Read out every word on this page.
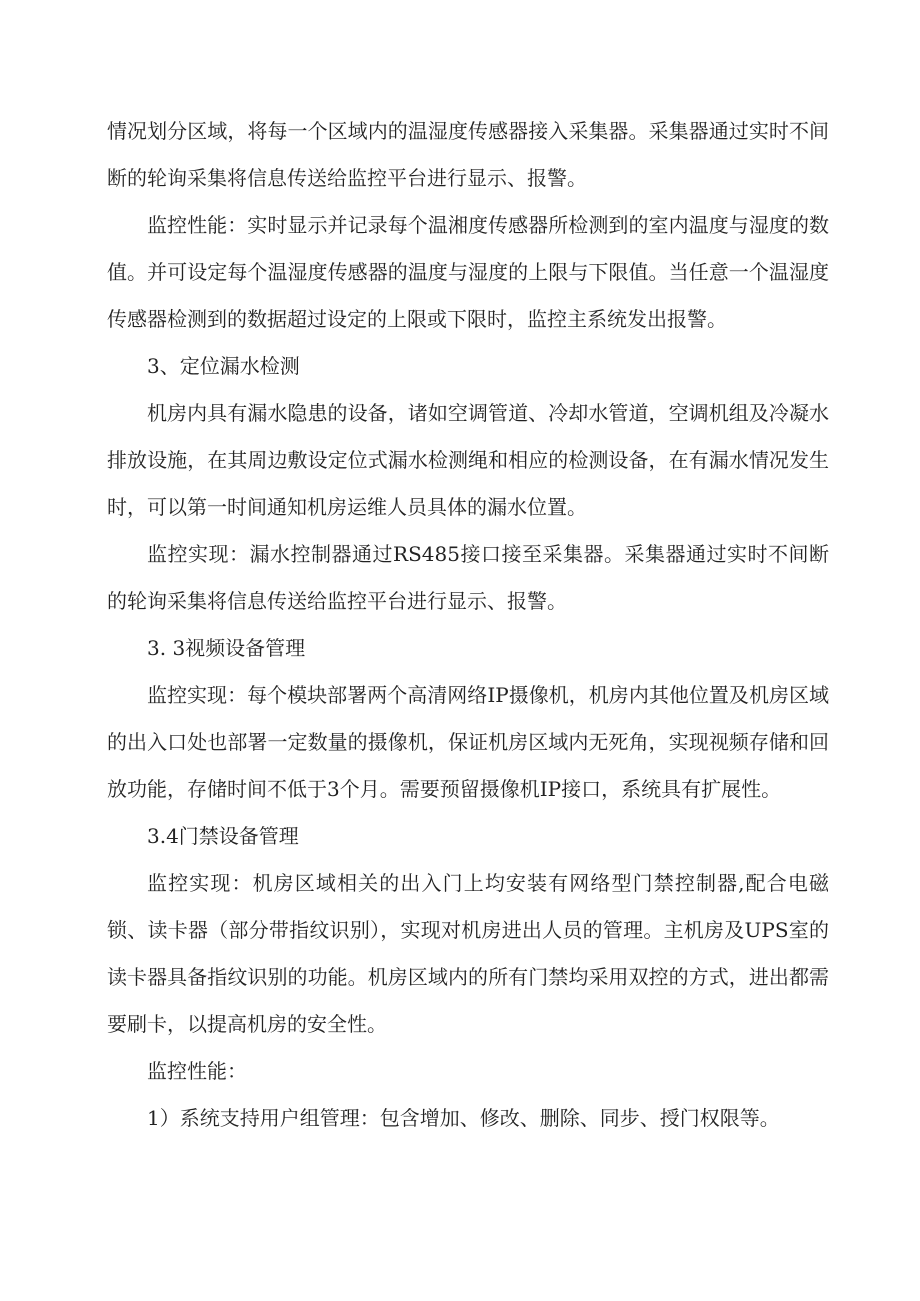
情况划分区域，将每一个区域内的温湿度传感器接入采集器。采集器通过实时不间断的轮询采集将信息传送给监控平台进行显示、报警。

监控性能：实时显示并记录每个温湘度传感器所检测到的室内温度与湿度的数值。并可设定每个温湿度传感器的温度与湿度的上限与下限值。当任意一个温湿度传感器检测到的数据超过设定的上限或下限时，监控主系统发出报警。

3、定位漏水检测

机房内具有漏水隐患的设备，诸如空调管道、冷却水管道，空调机组及冷凝水排放设施，在其周边敷设定位式漏水检测绳和相应的检测设备，在有漏水情况发生时，可以第一时间通知机房运维人员具体的漏水位置。

监控实现：漏水控制器通过RS485接口接至采集器。采集器通过实时不间断的轮询采集将信息传送给监控平台进行显示、报警。

3. 3视频设备管理

监控实现：每个模块部署两个高清网络IP摄像机，机房内其他位置及机房区域的出入口处也部署一定数量的摄像机，保证机房区域内无死角，实现视频存储和回放功能，存储时间不低于3个月。需要预留摄像机IP接口，系统具有扩展性。

3.4门禁设备管理

监控实现：机房区域相关的出入门上均安装有网络型门禁控制器,配合电磁锁、读卡器（部分带指纹识别），实现对机房进出人员的管理。主机房及UPS室的读卡器具备指纹识别的功能。机房区域内的所有门禁均采用双控的方式，进出都需要刷卡，以提高机房的安全性。

监控性能：

1）系统支持用户组管理：包含增加、修改、删除、同步、授门权限等。
